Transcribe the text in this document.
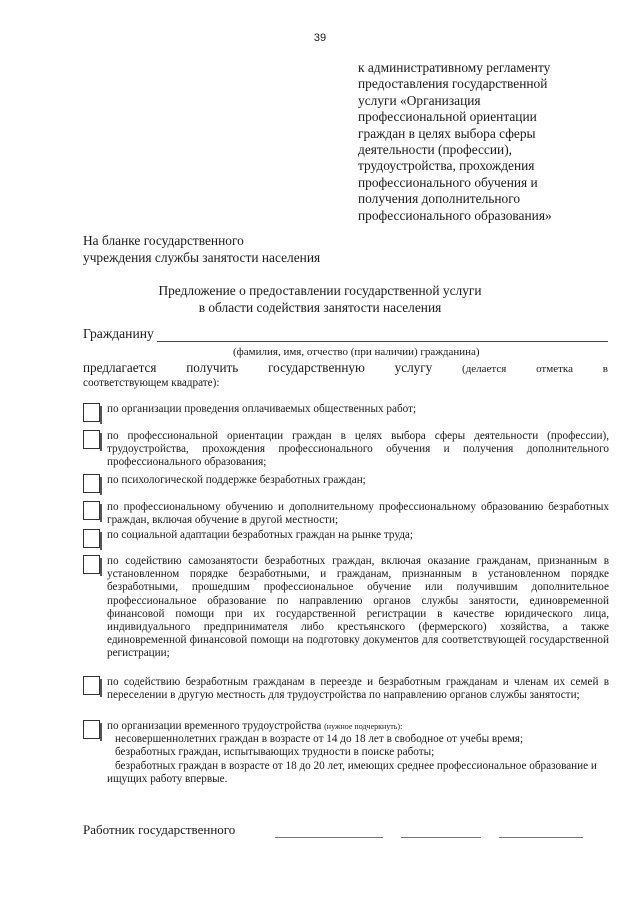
39
к административному регламенту
предоставления государственной
услуги «Организация
профессиональной ориентации
граждан в целях выбора сферы
деятельности (профессии),
трудоустройства, прохождения
профессионального обучения и
получения дополнительного
профессионального образования»
На бланке государственного
учреждения службы занятости населения
Предложение о предоставлении государственной услуги
в области содействия занятости населения
Гражданину
(фамилия, имя, отчество (при наличии) гражданина)
предлагается получить государственную услугу	(делается	отметка	в
соответствующем квадрате):
по организации проведения оплачиваемых общественных работ;
по профессиональной ориентации граждан в целях выбора сферы деятельности (профессии), трудоустройства, прохождения профессионального обучения и получения дополнительного профессионального образования;
по психологической поддержке безработных граждан;
по профессиональному обучению и дополнительному профессиональному образованию безработных граждан, включая обучение в другой местности;
по социальной адаптации безработных граждан на рынке труда;
по содействию самозанятости безработных граждан, включая оказание гражданам, признанным в установленном порядке безработными, и гражданам, признанным в установленном порядке безработными, прошедшим профессиональное обучение или получившим дополнительное профессиональное образование по направлению органов службы занятости, единовременной финансовой помощи при их государственной регистрации в качестве юридического лица, индивидуального предпринимателя либо крестьянского (фермерского) хозяйства, а также единовременной финансовой помощи на подготовку документов для соответствующей государственной регистрации;
по содействию безработным гражданам в переезде и безработным гражданам и членам их семей в переселении в другую местность для трудоустройства по направлению органов службы занятости;
по организации временного трудоустройства (нужное подчеркнуть):
несовершеннолетних граждан в возрасте от 14 до 18 лет в свободное от учебы время;
безработных граждан, испытывающих трудности в поиске работы;
безработных граждан в возрасте от 18 до 20 лет, имеющих среднее профессиональное образование и ищущих работу впервые.
Работник государственного
